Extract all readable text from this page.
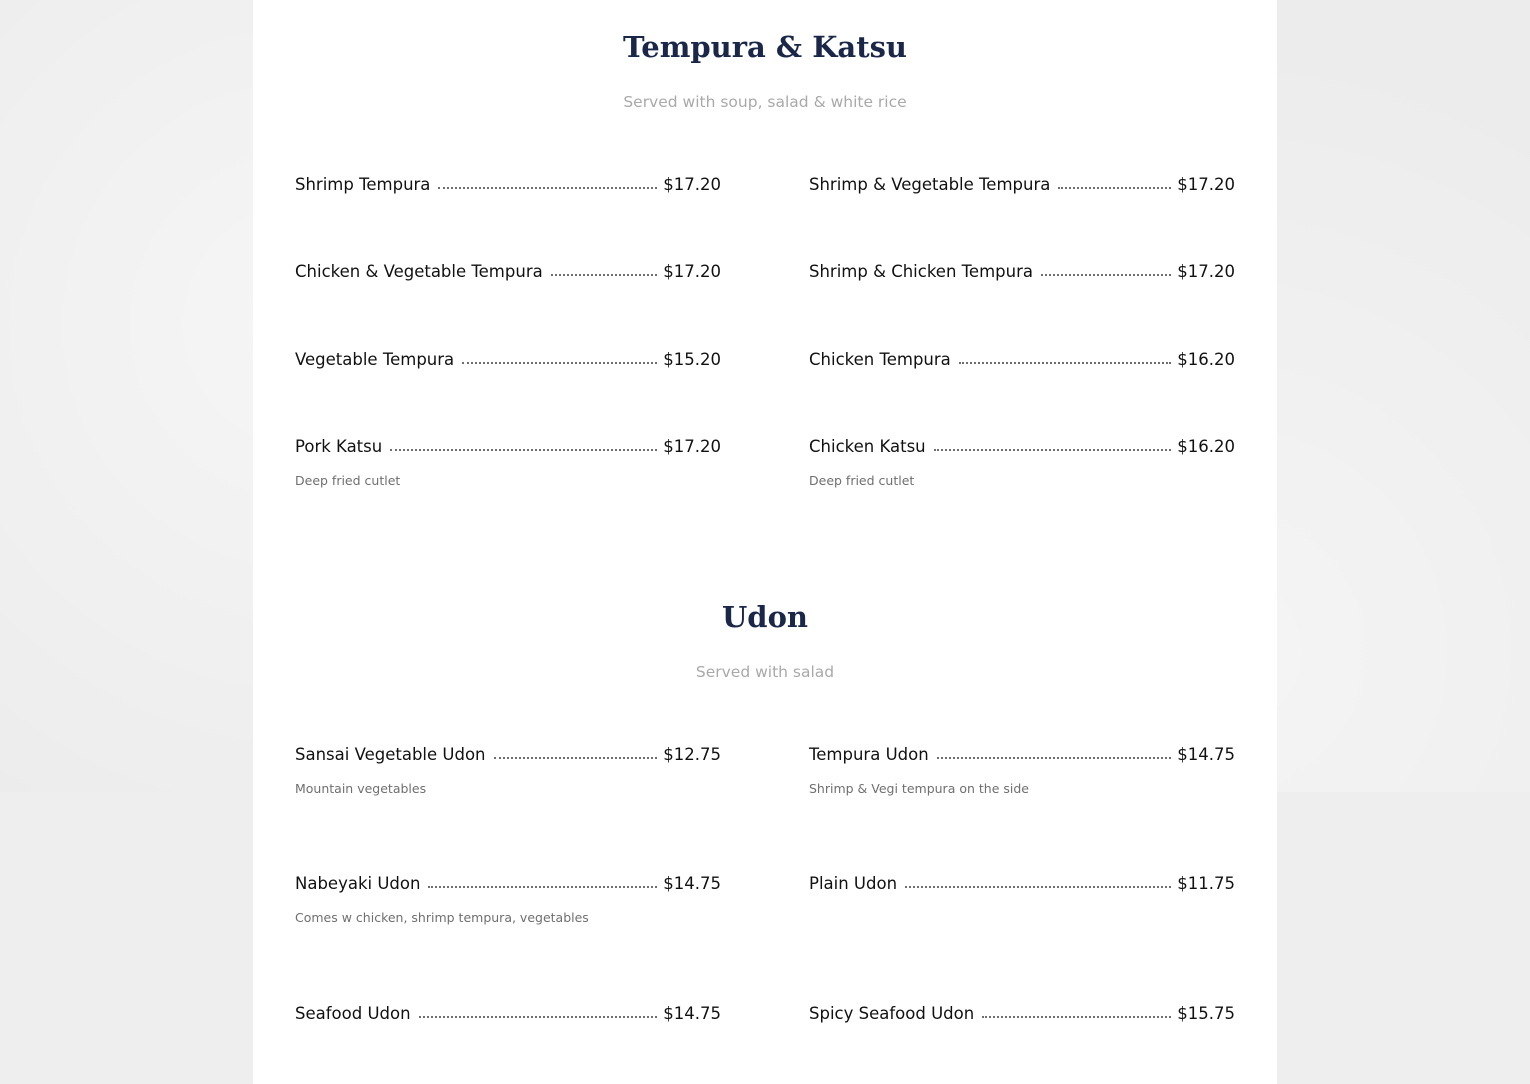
Tempura & Katsu
Served with soup, salad & white rice
Shrimp Tempura	$17.20	Shrimp & Vegetable Tempura	$17.20
Chicken & Vegetable Tempura	$17.20	Shrimp & Chicken Tempura	$17.20
Vegetable Tempura	$15.20	Chicken Tempura	$16.20
Pork Katsu	$17.20
Deep fried cutlet
Chicken Katsu	$16.20
Deep fried cutlet
Udon
Served with salad
Sansai Vegetable Udon	$12.75
Mountain vegetables
Tempura Udon	$14.75
Shrimp & Vegi tempura on the side
Nabeyaki Udon	$14.75
Comes w chicken, shrimp tempura, vegetables
Plain Udon	$11.75
Seafood Udon	$14.75	Spicy Seafood Udon	$15.75
